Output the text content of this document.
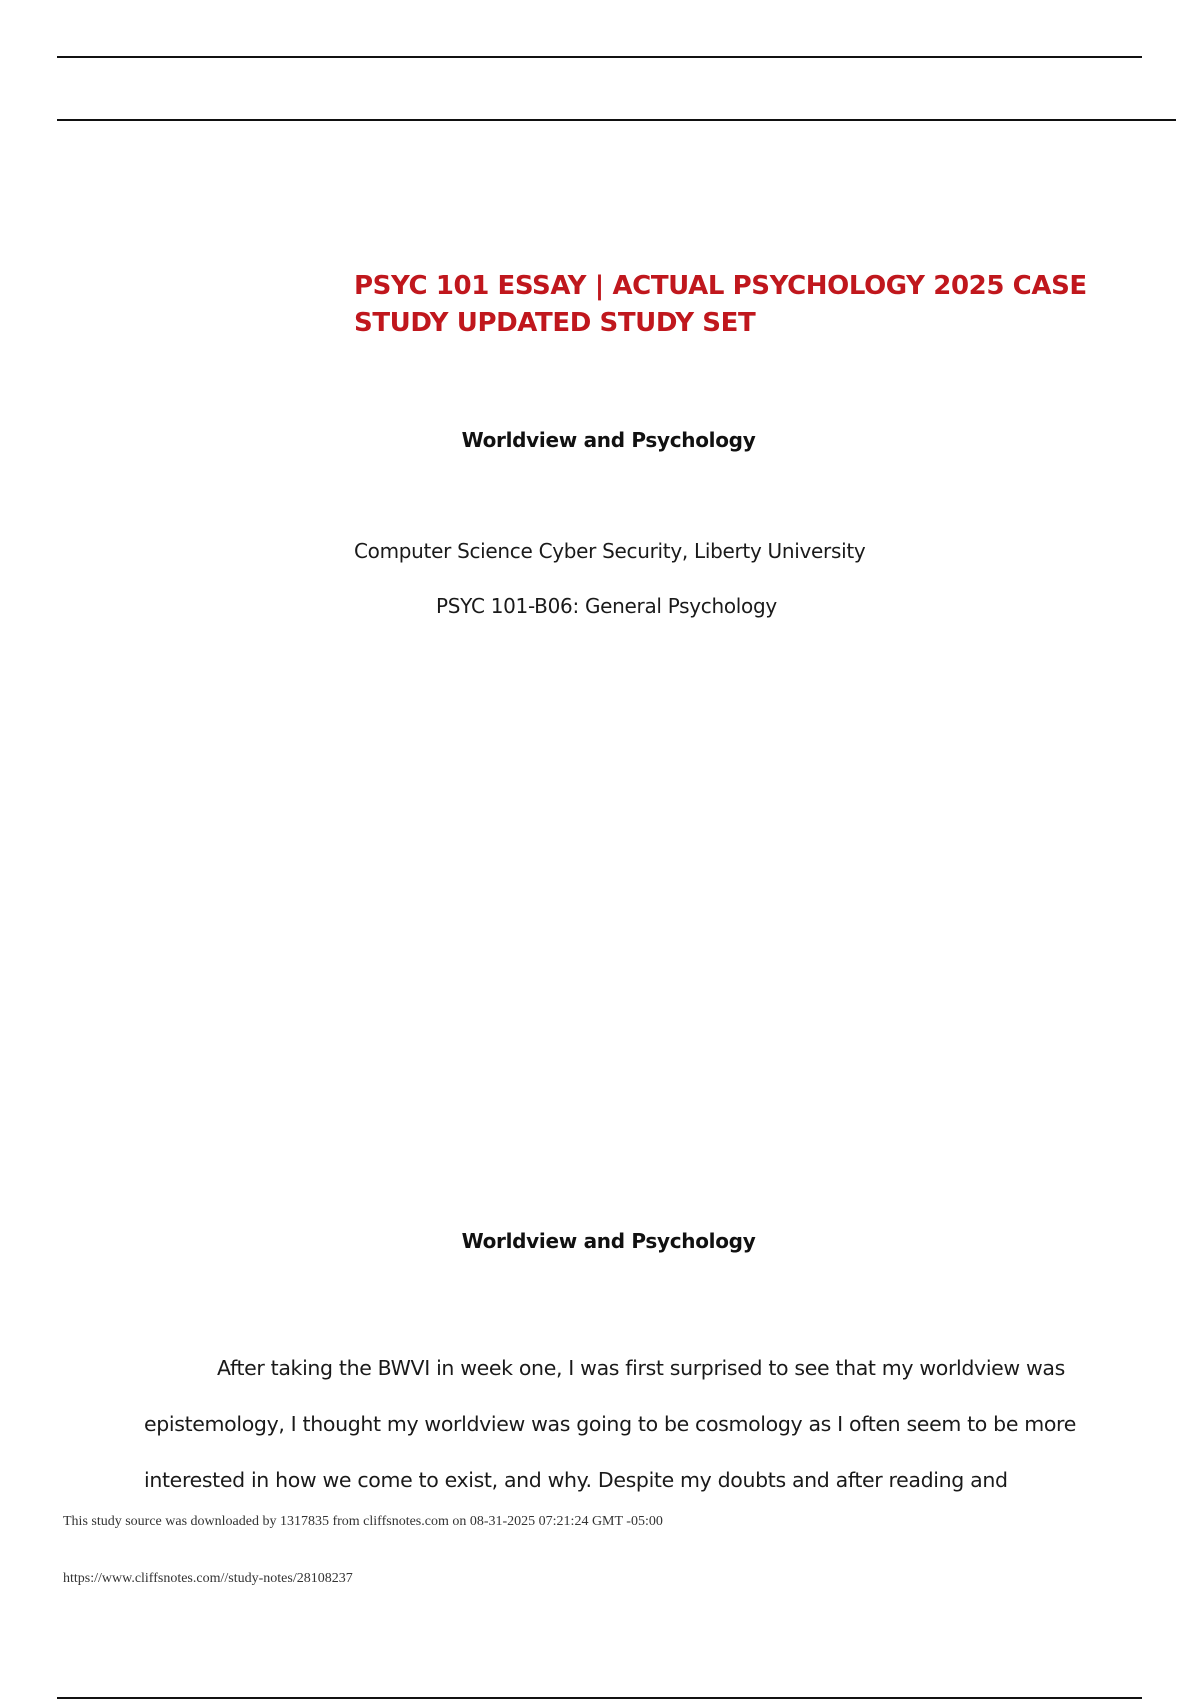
PSYC 101 ESSAY | ACTUAL PSYCHOLOGY 2025 CASE
STUDY UPDATED STUDY SET
Worldview and Psychology

Computer Science Cyber Security, Liberty University

PSYC 101-B06: General Psychology

Worldview and Psychology

After taking the BWVI in week one, I was first surprised to see that my worldview was
epistemology, I thought my worldview was going to be cosmology as I often seem to be more
interested in how we come to exist, and why. Despite my doubts and after reading and

This study source was downloaded by 1317835 from cliffsnotes.com on 08-31-2025 07:21:24 GMT -05:00

https://www.cliffsnotes.com//study-notes/28108237
